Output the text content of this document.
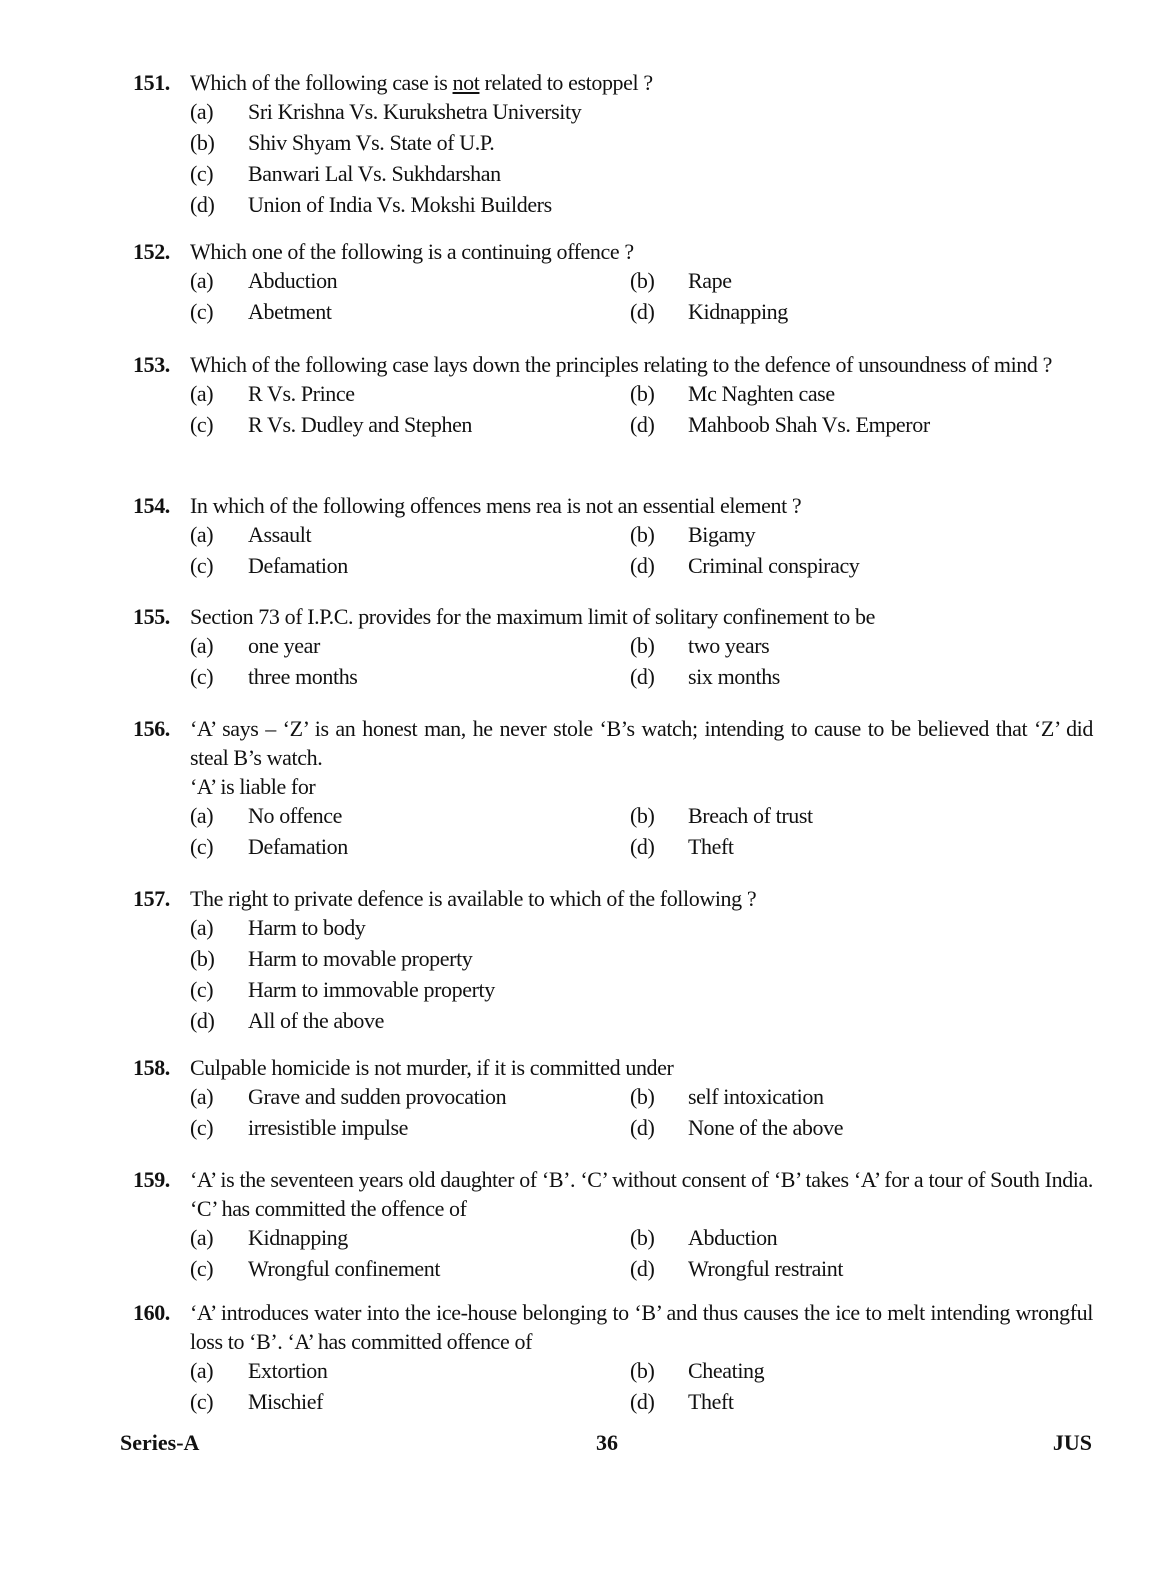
151. Which of the following case is not related to estoppel ?
(a)	Sri Krishna Vs. Kurukshetra University
(b)	Shiv Shyam Vs. State of U.P.
(c)	Banwari Lal Vs. Sukhdarshan
(d)	Union of India Vs. Mokshi Builders
152. Which one of the following is a continuing offence ?
(a)	Abduction	(b)	Rape
(c)	Abetment	(d)	Kidnapping
153. Which of the following case lays down the principles relating to the defence of unsoundness of mind ?
(a)	R Vs. Prince	(b)	Mc Naghten case
(c)	R Vs. Dudley and Stephen	(d)	Mahboob Shah Vs. Emperor
154. In which of the following offences mens rea is not an essential element ?
(a)	Assault	(b)	Bigamy
(c)	Defamation	(d)	Criminal conspiracy
155. Section 73 of I.P.C. provides for the maximum limit of solitary confinement to be
(a)	one year	(b)	two years
(c)	three months	(d)	six months
156. ‘A’ says – ‘Z’ is an honest man, he never stole ‘B’s watch; intending to cause to be believed that ‘Z’ did steal B’s watch.
‘A’ is liable for
(a)	No offence	(b)	Breach of trust
(c)	Defamation	(d)	Theft
157. The right to private defence is available to which of the following ?
(a)	Harm to body
(b)	Harm to movable property
(c)	Harm to immovable property
(d)	All of the above
158. Culpable homicide is not murder, if it is committed under
(a)	Grave and sudden provocation	(b)	self intoxication
(c)	irresistible impulse	(d)	None of the above
159. ‘A’ is the seventeen years old daughter of ‘B’. ‘C’ without consent of ‘B’ takes ‘A’ for a tour of South India. ‘C’ has committed the offence of
(a)	Kidnapping	(b)	Abduction
(c)	Wrongful confinement	(d)	Wrongful restraint
160. ‘A’ introduces water into the ice-house belonging to ‘B’ and thus causes the ice to melt intending wrongful loss to ‘B’. ‘A’ has committed offence of
(a)	Extortion	(b)	Cheating
(c)	Mischief	(d)	Theft
Series-A	36	JUS
